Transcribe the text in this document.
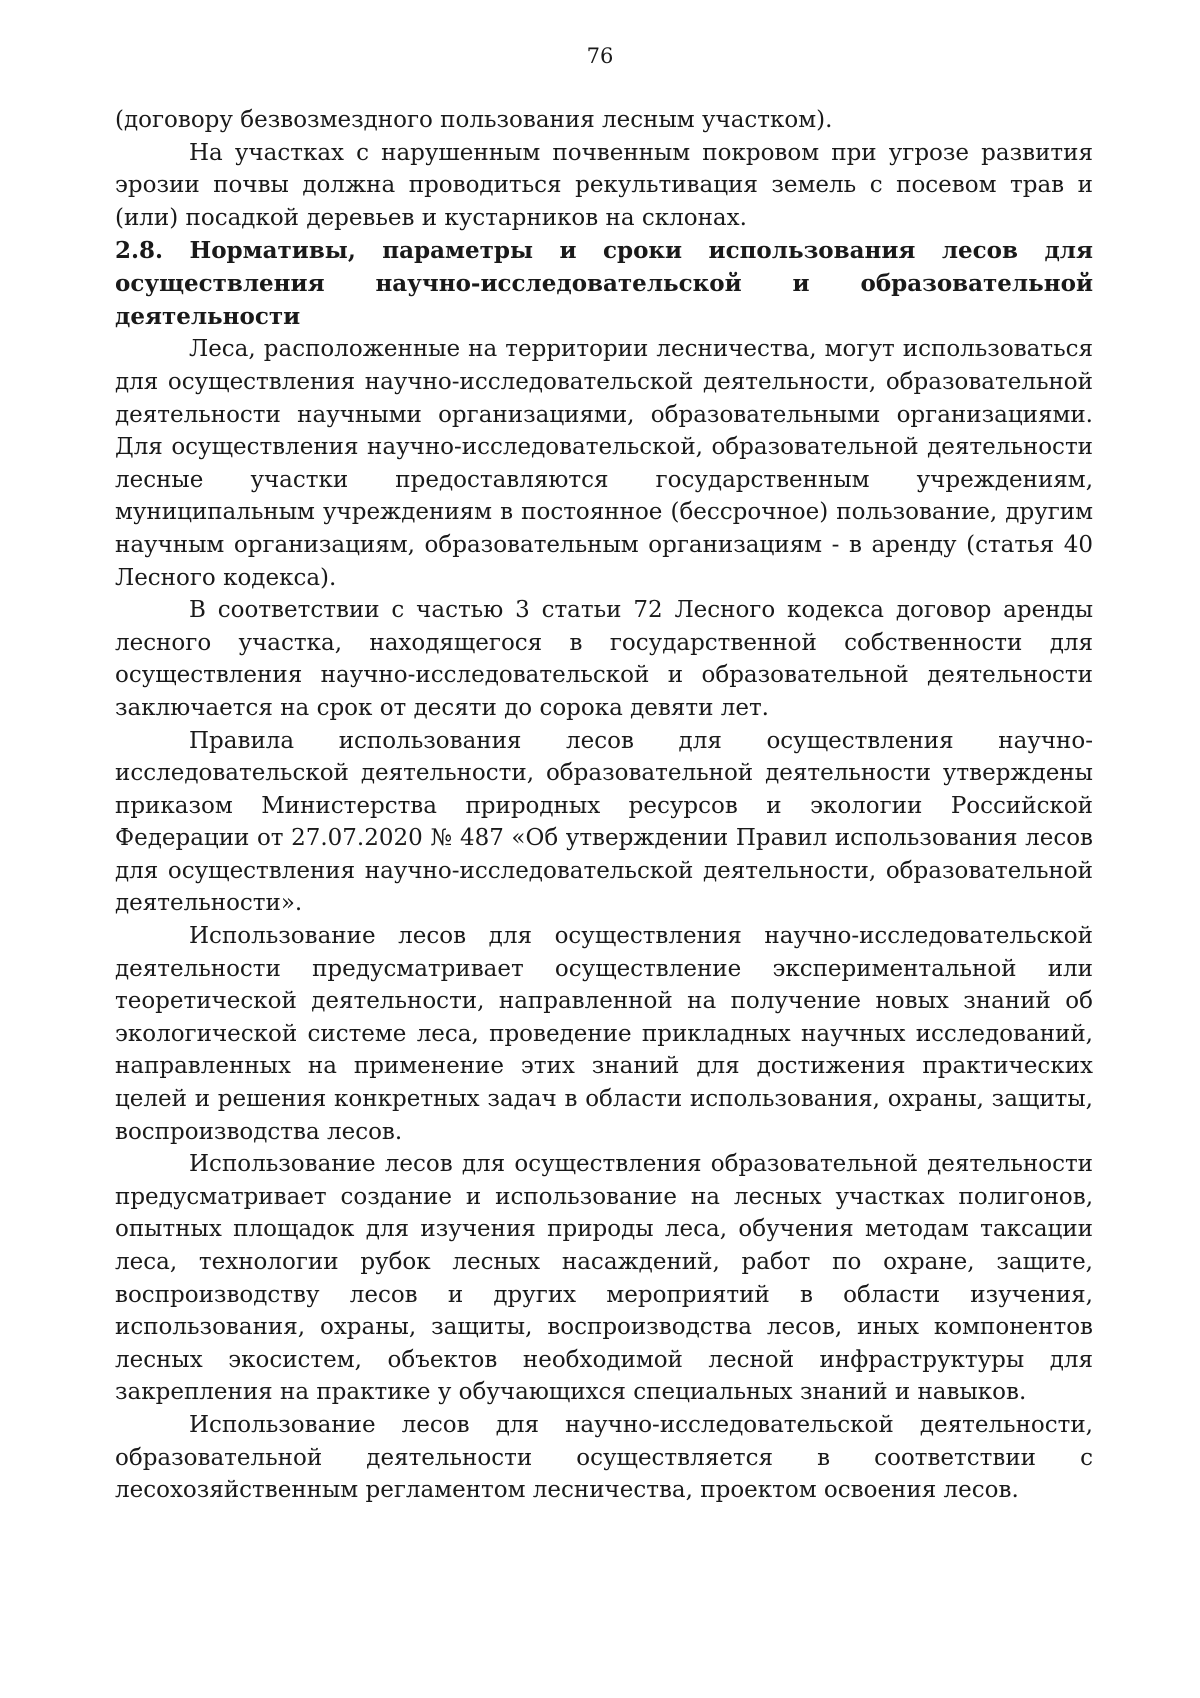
76

(договору безвозмездного пользования лесным участком).

На участках с нарушенным почвенным покровом при угрозе развития эрозии почвы должна проводиться рекультивация земель с посевом трав и (или) посадкой деревьев и кустарников на склонах.

2.8. Нормативы, параметры и сроки использования лесов для осуществления научно-исследовательской и образовательной деятельности

Леса, расположенные на территории лесничества, могут использоваться для осуществления научно-исследовательской деятельности, образовательной деятельности научными организациями, образовательными организациями. Для осуществления научно-исследовательской, образовательной деятельности лесные участки предоставляются государственным учреждениям, муниципальным учреждениям в постоянное (бессрочное) пользование, другим научным организациям, образовательным организациям - в аренду (статья 40 Лесного кодекса).

В соответствии с частью 3 статьи 72 Лесного кодекса договор аренды лесного участка, находящегося в государственной собственности для осуществления научно-исследовательской и образовательной деятельности заключается на срок от десяти до сорока девяти лет.

Правила использования лесов для осуществления научно-исследовательской деятельности, образовательной деятельности утверждены приказом Министерства природных ресурсов и экологии Российской Федерации от 27.07.2020 № 487 «Об утверждении Правил использования лесов для осуществления научно-исследовательской деятельности, образовательной деятельности».

Использование лесов для осуществления научно-исследовательской деятельности предусматривает осуществление экспериментальной или теоретической деятельности, направленной на получение новых знаний об экологической системе леса, проведение прикладных научных исследований, направленных на применение этих знаний для достижения практических целей и решения конкретных задач в области использования, охраны, защиты, воспроизводства лесов.

Использование лесов для осуществления образовательной деятельности предусматривает создание и использование на лесных участках полигонов, опытных площадок для изучения природы леса, обучения методам таксации леса, технологии рубок лесных насаждений, работ по охране, защите, воспроизводству лесов и других мероприятий в области изучения, использования, охраны, защиты, воспроизводства лесов, иных компонентов лесных экосистем, объектов необходимой лесной инфраструктуры для закрепления на практике у обучающихся специальных знаний и навыков.

Использование лесов для научно-исследовательской деятельности, образовательной деятельности осуществляется в соответствии с лесохозяйственным регламентом лесничества, проектом освоения лесов.
